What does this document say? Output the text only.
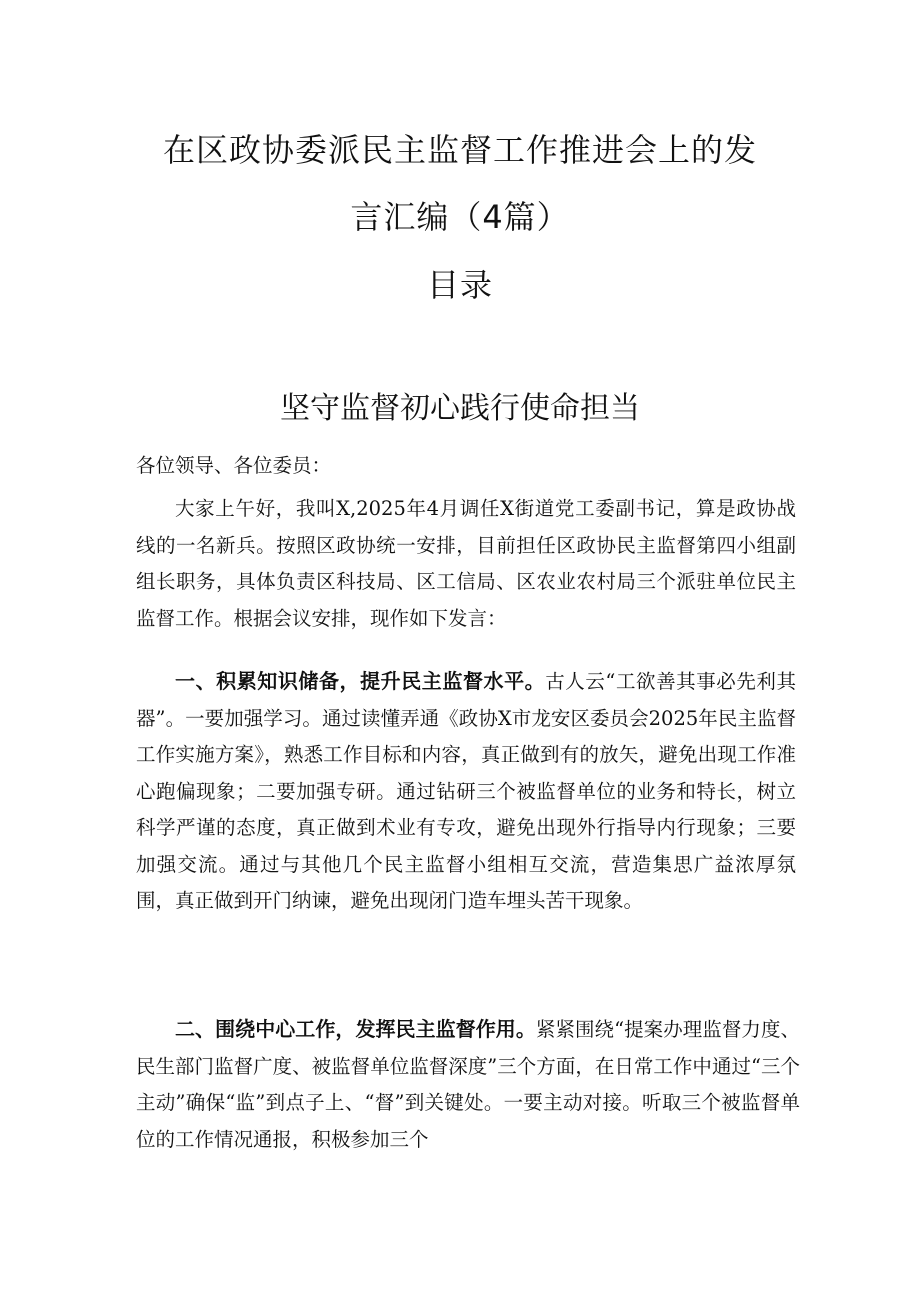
在区政协委派民主监督工作推进会上的发
言汇编（4篇）
目录
坚守监督初心践行使命担当
各位领导、各位委员：

大家上午好，我叫X,2025年4月调任X街道党工委副书记，算是政协战线的一名新兵。按照区政协统一安排，目前担任区政协民主监督第四小组副组长职务，具体负责区科技局、区工信局、区农业农村局三个派驻单位民主监督工作。根据会议安排，现作如下发言：

一、积累知识储备，提升民主监督水平。古人云“工欲善其事必先利其器”。一要加强学习。通过读懂弄通《政协X市龙安区委员会2025年民主监督工作实施方案》，熟悉工作目标和内容，真正做到有的放矢，避免出现工作准心跑偏现象；二要加强专研。通过钻研三个被监督单位的业务和特长，树立科学严谨的态度，真正做到术业有专攻，避免出现外行指导内行现象；三要加强交流。通过与其他几个民主监督小组相互交流，营造集思广益浓厚氛围，真正做到开门纳谏，避免出现闭门造车埋头苦干现象。

二、围绕中心工作，发挥民主监督作用。紧紧围绕“提案办理监督力度、民生部门监督广度、被监督单位监督深度”三个方面，在日常工作中通过“三个主动”确保“监”到点子上、“督”到关键处。一要主动对接。听取三个被监督单位的工作情况通报，积极参加三个
